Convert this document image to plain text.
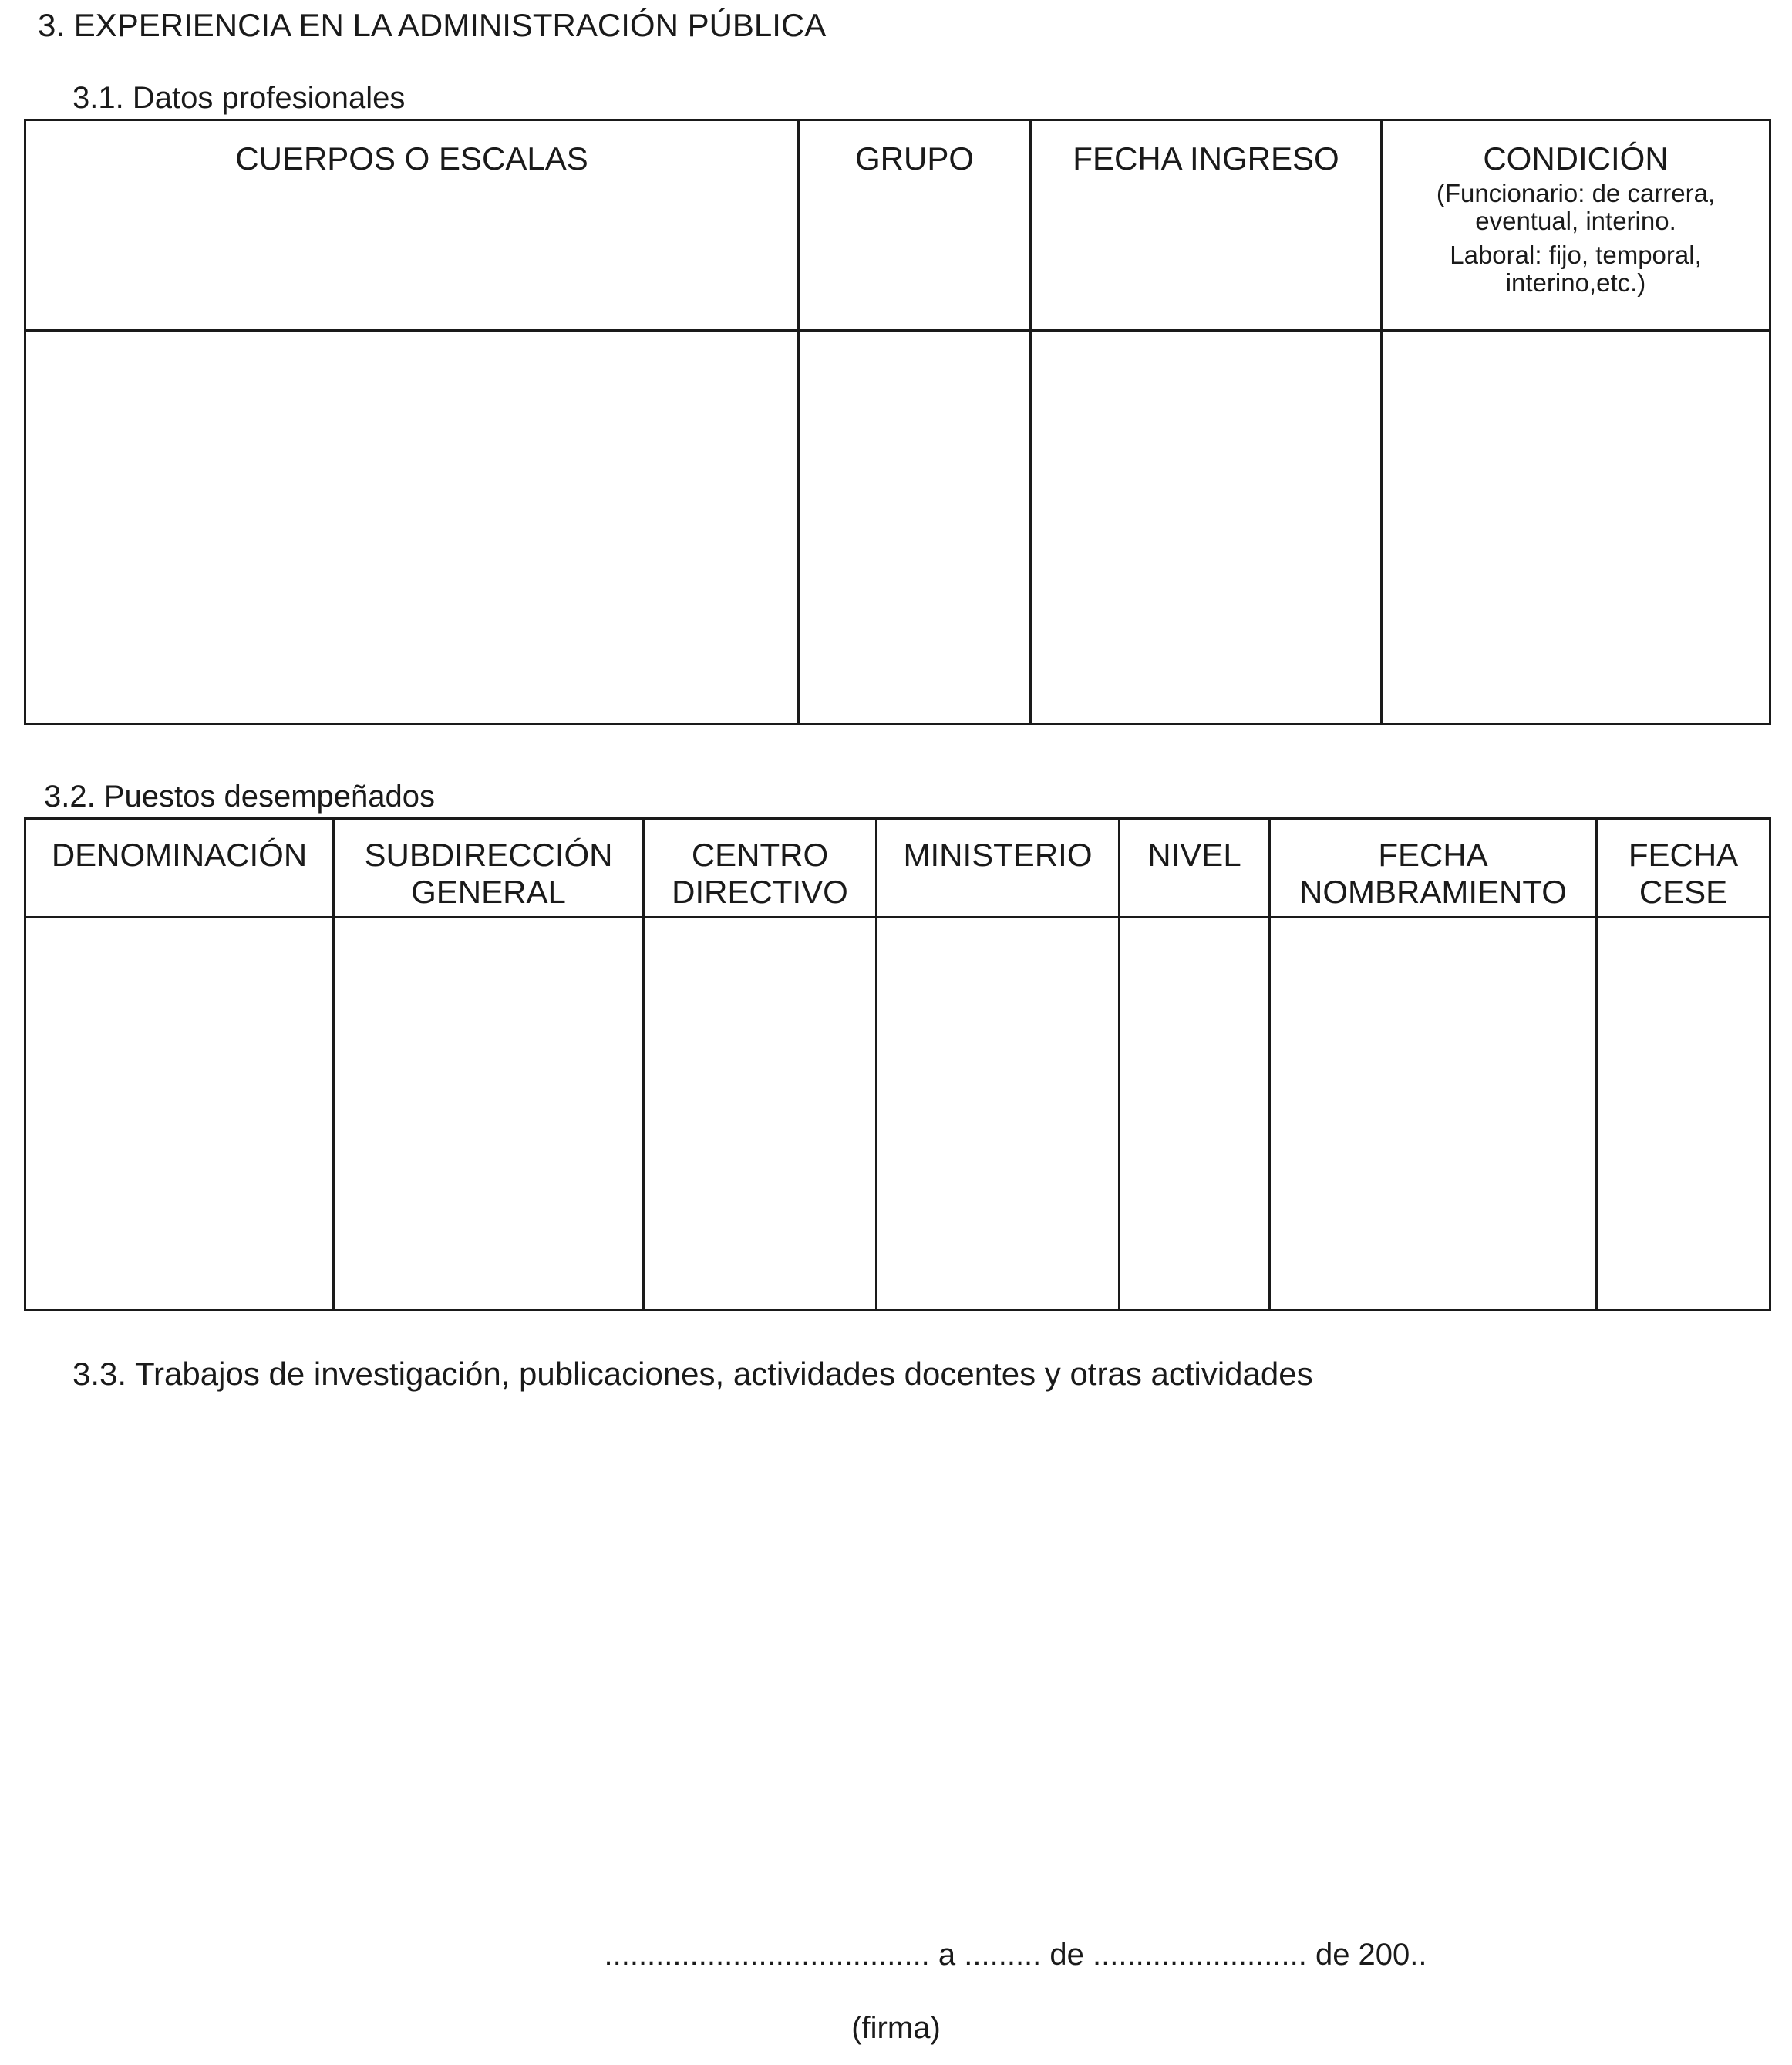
3. EXPERIENCIA EN LA ADMINISTRACIÓN PÚBLICA
3.1. Datos profesionales
CUERPOS O ESCALAS	GRUPO	FECHA INGRESO	CONDICIÓN
(Funcionario: de carrera, eventual, interino.
Laboral: fijo, temporal, interino,etc.)

3.2. Puestos desempeñados
DENOMINACIÓN	SUBDIRECCIÓN GENERAL	CENTRO DIRECTIVO	MINISTERIO	NIVEL	FECHA NOMBRAMIENTO	FECHA CESE

3.3. Trabajos de investigación, publicaciones, actividades docentes y otras actividades
...................................... a ......... de ......................... de 200..
(firma)
